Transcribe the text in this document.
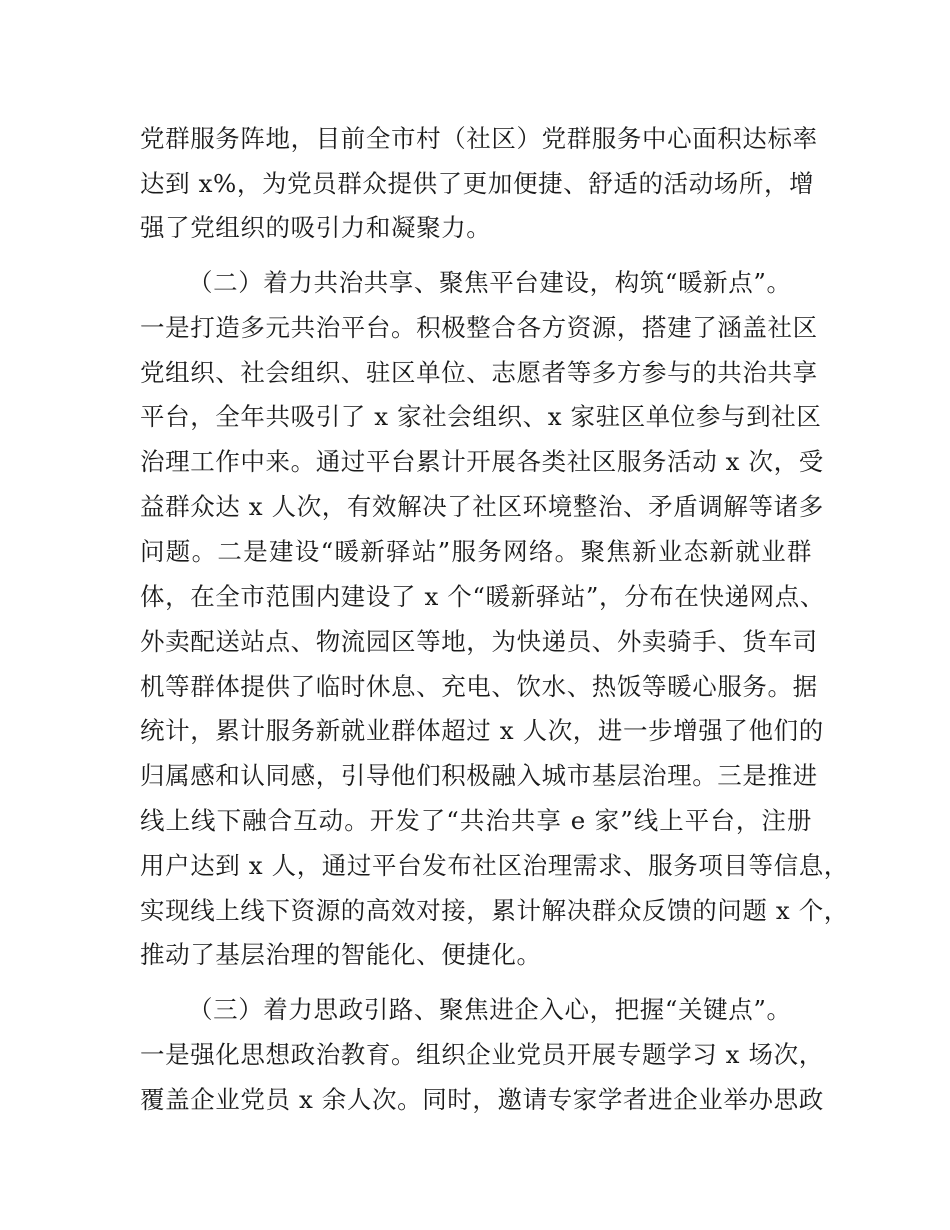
党群服务阵地，目前全市村（社区）党群服务中心面积达标率
达到 x%，为党员群众提供了更加便捷、舒适的活动场所，增
强了党组织的吸引力和凝聚力。
（二）着力共治共享、聚焦平台建设，构筑“暖新点”。
一是打造多元共治平台。积极整合各方资源，搭建了涵盖社区
党组织、社会组织、驻区单位、志愿者等多方参与的共治共享
平台，全年共吸引了 x 家社会组织、x 家驻区单位参与到社区
治理工作中来。通过平台累计开展各类社区服务活动 x 次，受
益群众达 x 人次，有效解决了社区环境整治、矛盾调解等诸多
问题。二是建设“暖新驿站”服务网络。聚焦新业态新就业群
体，在全市范围内建设了 x 个“暖新驿站”，分布在快递网点、
外卖配送站点、物流园区等地，为快递员、外卖骑手、货车司
机等群体提供了临时休息、充电、饮水、热饭等暖心服务。据
统计，累计服务新就业群体超过 x 人次，进一步增强了他们的
归属感和认同感，引导他们积极融入城市基层治理。三是推进
线上线下融合互动。开发了“共治共享 e 家”线上平台，注册
用户达到 x 人，通过平台发布社区治理需求、服务项目等信息，
实现线上线下资源的高效对接，累计解决群众反馈的问题 x 个，
推动了基层治理的智能化、便捷化。
（三）着力思政引路、聚焦进企入心，把握“关键点”。
一是强化思想政治教育。组织企业党员开展专题学习 x 场次，
覆盖企业党员 x 余人次。同时，邀请专家学者进企业举办思政
